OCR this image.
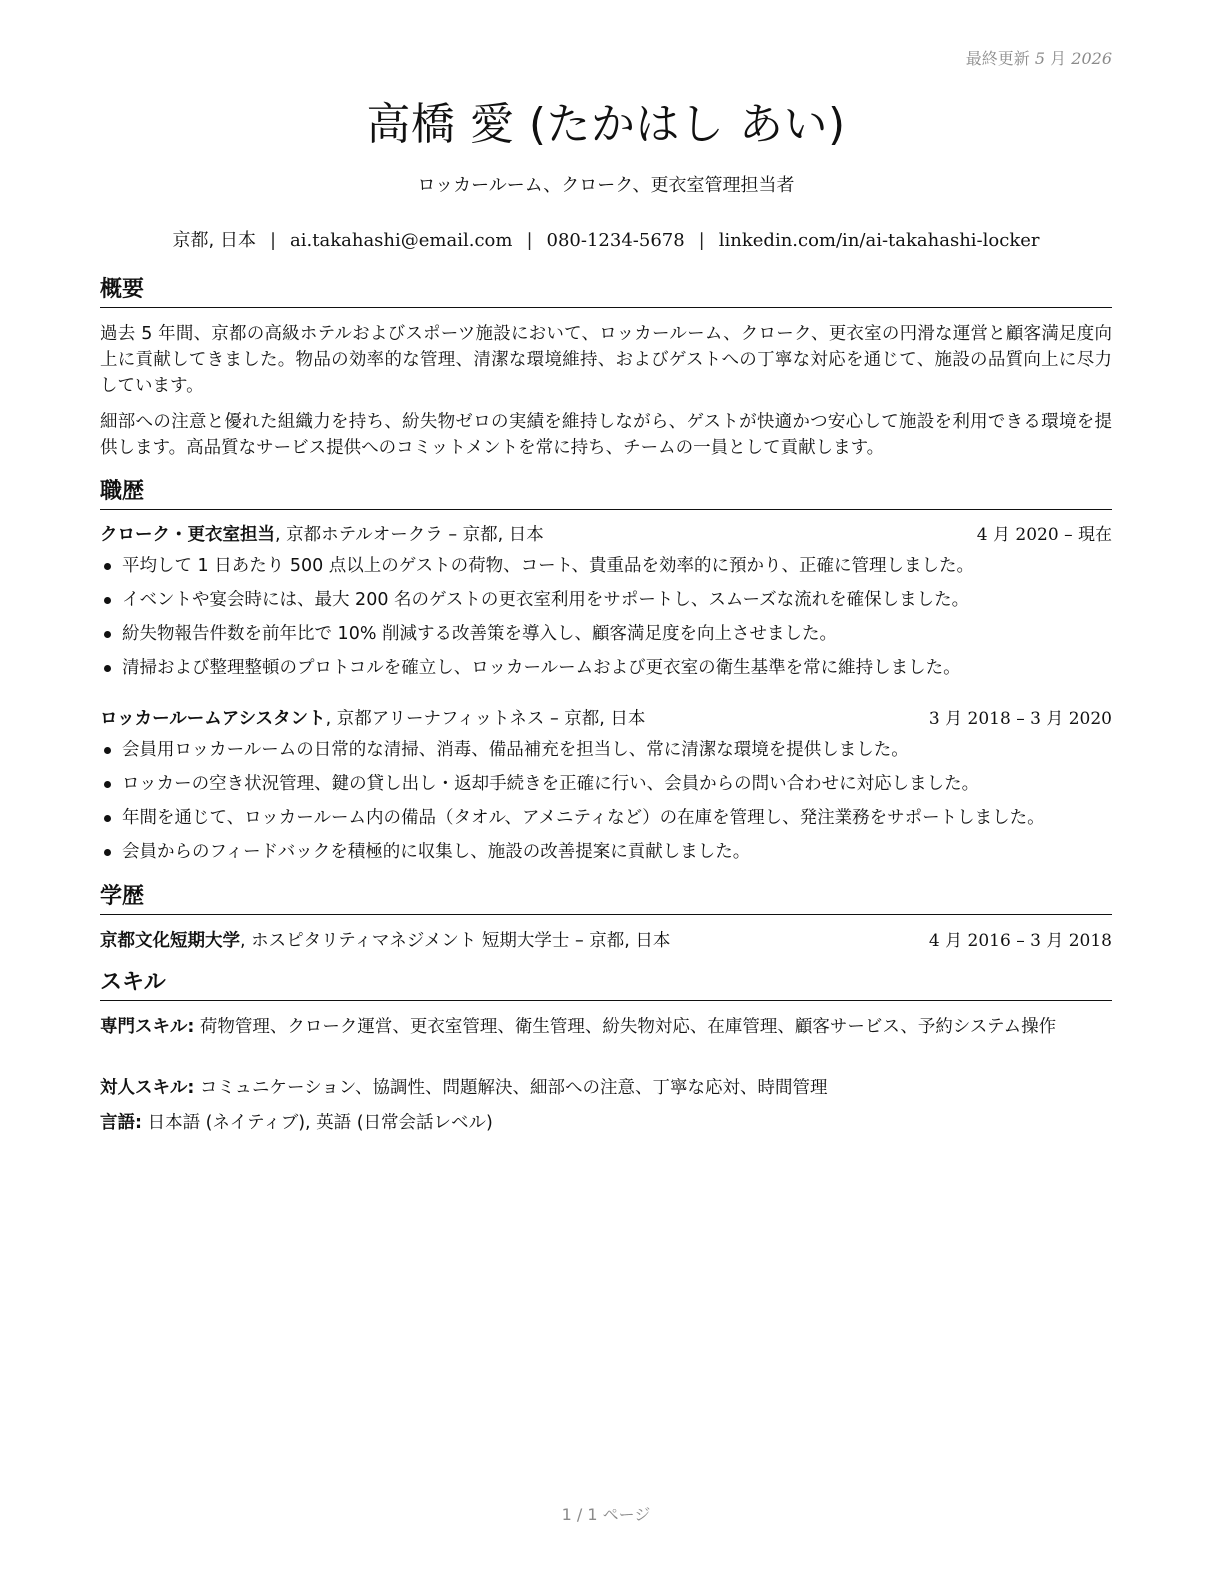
最終更新 5 月 2026
高橋 愛 (たかはし あい)
ロッカールーム、クローク、更衣室管理担当者
京都, 日本 | ai.takahashi@email.com | 080-1234-5678 | linkedin.com/in/ai-takahashi-locker
概要

過去 5 年間、京都の高級ホテルおよびスポーツ施設において、ロッカールーム、クローク、更衣室の円滑な運営と顧客満足度向上に貢献してきました。物品の効率的な管理、清潔な環境維持、およびゲストへの丁寧な対応を通じて、施設の品質向上に尽力しています。

細部への注意と優れた組織力を持ち、紛失物ゼロの実績を維持しながら、ゲストが快適かつ安心して施設を利用できる環境を提供します。高品質なサービス提供へのコミットメントを常に持ち、チームの一員として貢献します。

職歴
クローク・更衣室担当, 京都ホテルオークラ – 京都, 日本	4 月 2020 – 現在
平均して 1 日あたり 500 点以上のゲストの荷物、コート、貴重品を効率的に預かり、正確に管理しました。
イベントや宴会時には、最大 200 名のゲストの更衣室利用をサポートし、スムーズな流れを確保しました。
紛失物報告件数を前年比で 10% 削減する改善策を導入し、顧客満足度を向上させました。
清掃および整理整頓のプロトコルを確立し、ロッカールームおよび更衣室の衛生基準を常に維持しました。
ロッカールームアシスタント, 京都アリーナフィットネス – 京都, 日本	3 月 2018 – 3 月 2020
会員用ロッカールームの日常的な清掃、消毒、備品補充を担当し、常に清潔な環境を提供しました。
ロッカーの空き状況管理、鍵の貸し出し・返却手続きを正確に行い、会員からの問い合わせに対応しました。
年間を通じて、ロッカールーム内の備品（タオル、アメニティなど）の在庫を管理し、発注業務をサポートしました。
会員からのフィードバックを積極的に収集し、施設の改善提案に貢献しました。
学歴
京都文化短期大学, ホスピタリティマネジメント 短期大学士 – 京都, 日本	4 月 2016 – 3 月 2018
スキル
専門スキル: 荷物管理、クローク運営、更衣室管理、衛生管理、紛失物対応、在庫管理、顧客サービス、予約システム操作
対人スキル: コミュニケーション、協調性、問題解決、細部への注意、丁寧な応対、時間管理
言語: 日本語 (ネイティブ), 英語 (日常会話レベル)
1 / 1 ページ
